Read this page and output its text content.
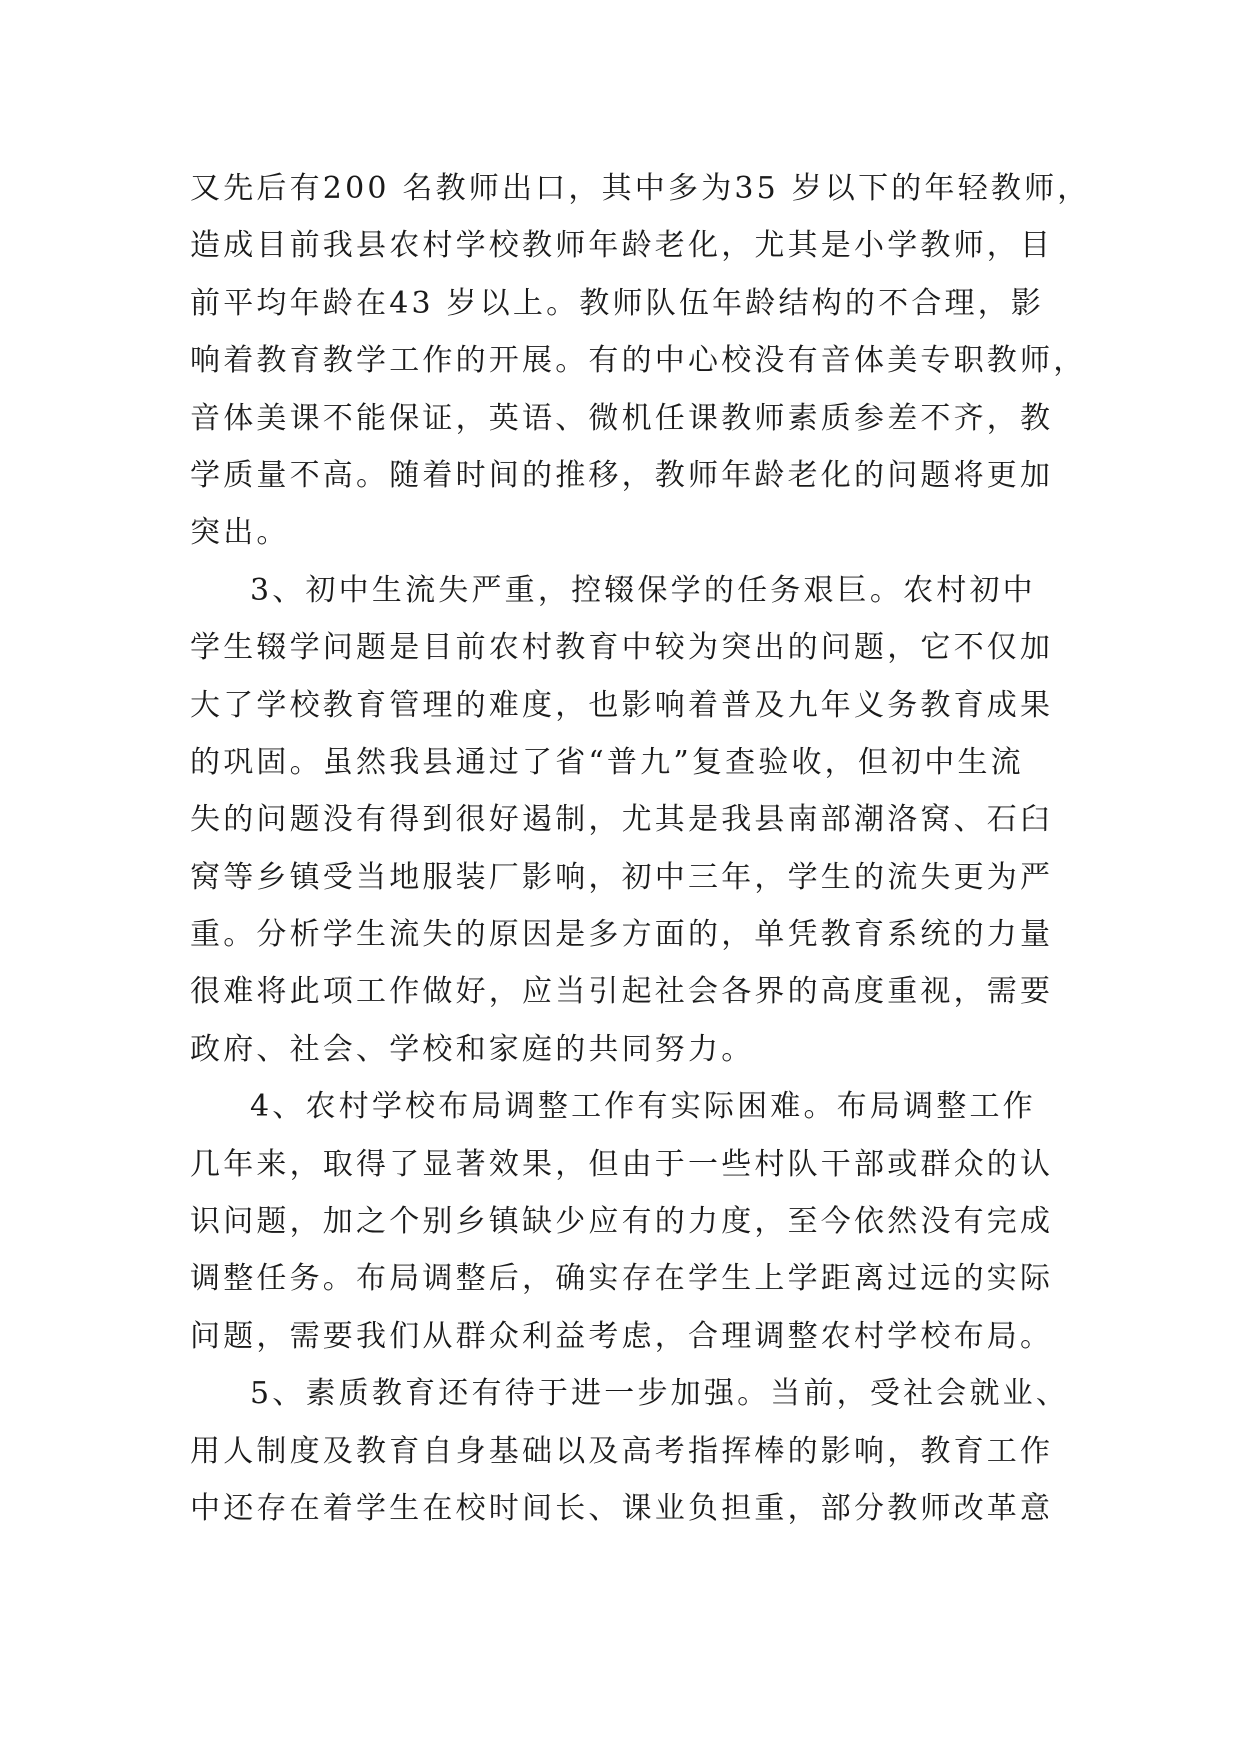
又先后有200 名教师出口，其中多为35 岁以下的年轻教师，
造成目前我县农村学校教师年龄老化，尤其是小学教师，目
前平均年龄在43 岁以上。教师队伍年龄结构的不合理，影
响着教育教学工作的开展。有的中心校没有音体美专职教师，
音体美课不能保证，英语、微机任课教师素质参差不齐，教
学质量不高。随着时间的推移，教师年龄老化的问题将更加
突出。
3、初中生流失严重，控辍保学的任务艰巨。农村初中
学生辍学问题是目前农村教育中较为突出的问题，它不仅加
大了学校教育管理的难度，也影响着普及九年义务教育成果
的巩固。虽然我县通过了省“普九”复查验收，但初中生流
失的问题没有得到很好遏制，尤其是我县南部潮洛窝、石臼
窝等乡镇受当地服装厂影响，初中三年，学生的流失更为严
重。分析学生流失的原因是多方面的，单凭教育系统的力量
很难将此项工作做好，应当引起社会各界的高度重视，需要
政府、社会、学校和家庭的共同努力。
4、农村学校布局调整工作有实际困难。布局调整工作
几年来，取得了显著效果，但由于一些村队干部或群众的认
识问题，加之个别乡镇缺少应有的力度，至今依然没有完成
调整任务。布局调整后，确实存在学生上学距离过远的实际
问题，需要我们从群众利益考虑，合理调整农村学校布局。
5、素质教育还有待于进一步加强。当前，受社会就业、
用人制度及教育自身基础以及高考指挥棒的影响，教育工作
中还存在着学生在校时间长、课业负担重，部分教师改革意
